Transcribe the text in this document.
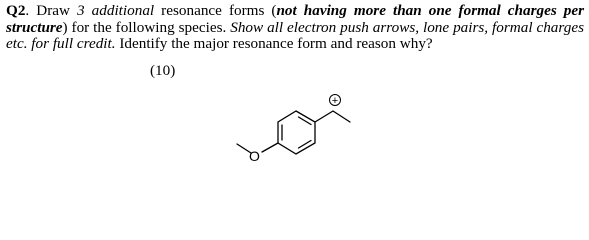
Q2. Draw 3 additional resonance forms (not having more than one formal charges per structure) for the following species. Show all electron push arrows, lone pairs, formal charges etc. for full credit. Identify the major resonance form and reason why?

(10)
O
+
